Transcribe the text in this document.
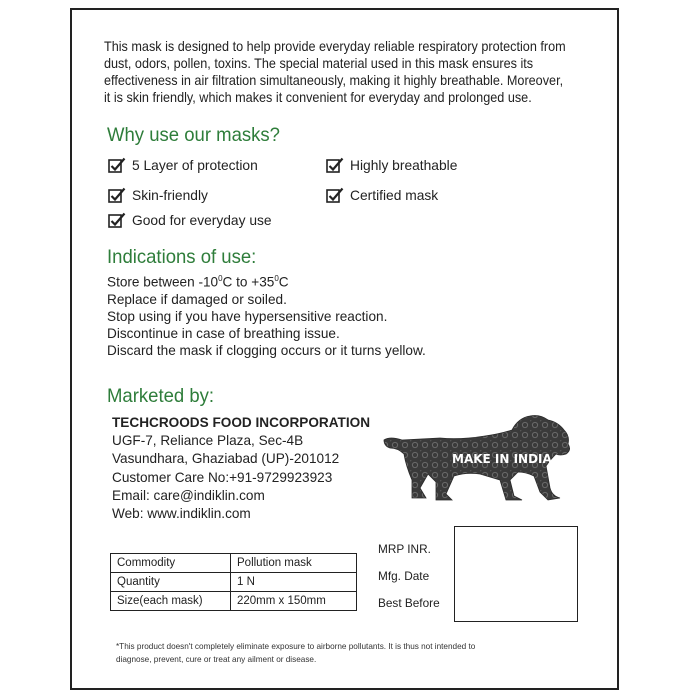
This mask is designed to help provide everyday reliable respiratory protection from
dust, odors, pollen, toxins. The special material used in this mask ensures its
effectiveness in air filtration simultaneously, making it highly breathable. Moreover,
it is skin friendly, which makes it convenient for everyday and prolonged use.
Why use our masks?
5 Layer of protection	Highly breathable
Skin-friendly	Certified mask
Good for everyday use
Indications of use:
Store between $-10^0C$ to $+35^0C$
Replace if damaged or soiled.
Stop using if you have hypersensitive reaction.
Discontinue in case of breathing issue.
Discard the mask if clogging occurs or it turns yellow.
Marketed by:
TECHCROODS FOOD INCORPORATION
UGF-7, Reliance Plaza, Sec-4B
Vasundhara, Ghaziabad (UP)-201012
Customer Care No:+91-9729923923
Email: care@indiklin.com
Web: www.indiklin.com
MAKE IN INDIA
Commodity	Pollution mask
Quantity	1 N
Size(each mask)	220mm x 150mm
MRP INR.
Mfg. Date
Best Before
*This product doesn't completely eliminate exposure to airborne pollutants. It is thus not intended to
diagnose, prevent, cure or treat any ailment or disease.
